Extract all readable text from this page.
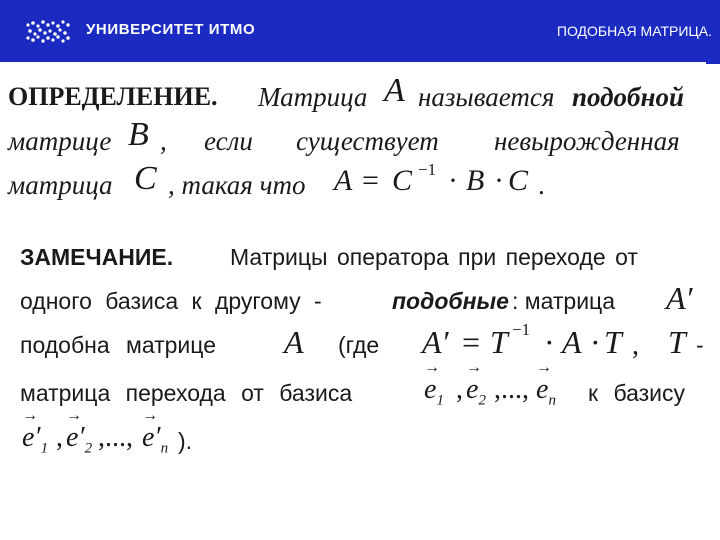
УНИВЕРСИТЕТ ИТМО	ПОДОБНАЯ МАТРИЦА.
ОПРЕДЕЛЕНИЕ. Матрица A называется подобной
матрице B , если существует невырожденная
матрица C , такая что A = C −1 · B · C .
ЗАМЕЧАНИЕ. Матрицы оператора при переходе от
одного базиса к другому -	подобные : матрица A′
подобна матрице A (где A′ = T −1 · A · T , T -
матрица перехода от базиса	→ $e_1$ , → $e_2$ ,..., → $e_n$ к базису
→ $e'_1$ , → $e'_2$ ,..., → $e'_n$ ).
